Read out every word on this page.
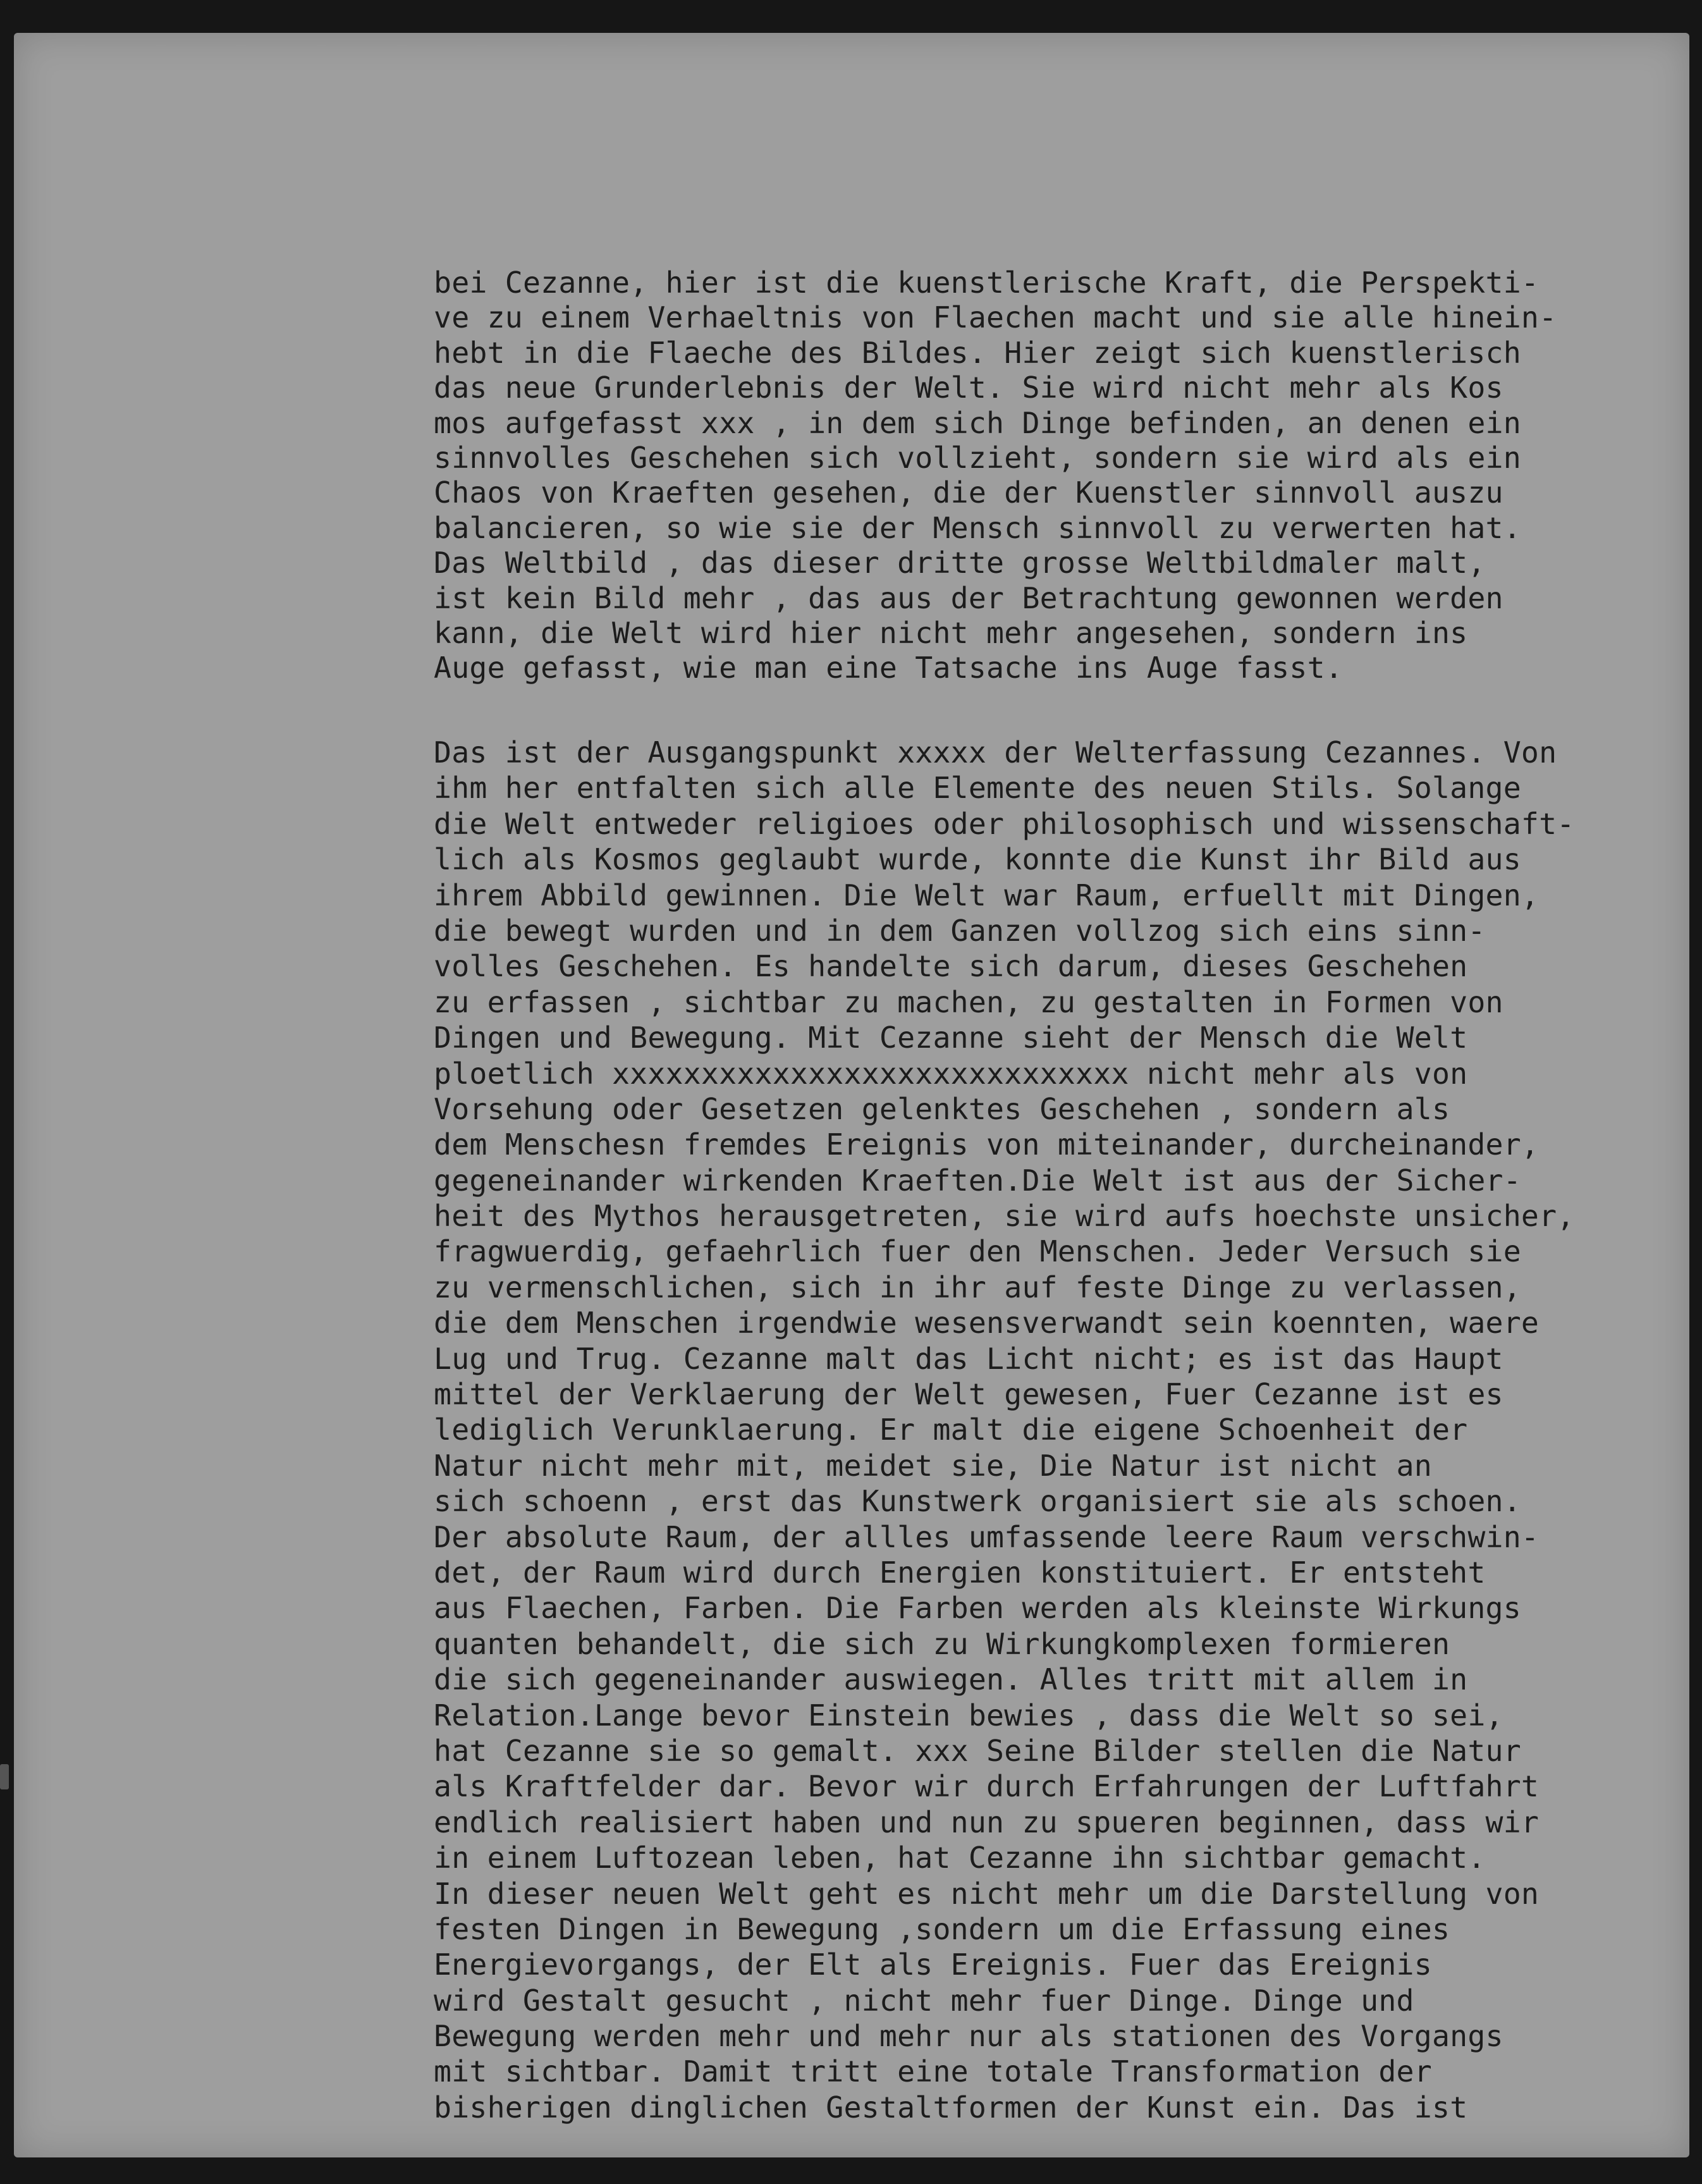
bei Cezanne, hier ist die kuenstlerische Kraft, die Perspekti-
ve zu einem Verhaeltnis von Flaechen macht und sie alle hinein-
hebt in die Flaeche des Bildes. Hier zeigt sich kuenstlerisch
das neue Grunderlebnis der Welt. Sie wird nicht mehr als Kos
mos aufgefasst xxx , in dem sich Dinge befinden, an denen ein
sinnvolles Geschehen sich vollzieht, sondern sie wird als ein
Chaos von Kraeften gesehen, die der Kuenstler sinnvoll auszu
balancieren, so wie sie der Mensch sinnvoll zu verwerten hat.
Das Weltbild , das dieser dritte grosse Weltbildmaler malt,
ist kein Bild mehr , das aus der Betrachtung gewonnen werden
kann, die Welt wird hier nicht mehr angesehen, sondern ins
Auge gefasst, wie man eine Tatsache ins Auge fasst.
Das ist der Ausgangspunkt xxxxx der Welterfassung Cezannes. Von
ihm her entfalten sich alle Elemente des neuen Stils. Solange
die Welt entweder religioes oder philosophisch und wissenschaft-
lich als Kosmos geglaubt wurde, konnte die Kunst ihr Bild aus
ihrem Abbild gewinnen. Die Welt war Raum, erfuellt mit Dingen,
die bewegt wurden und in dem Ganzen vollzog sich eins sinn-
volles Geschehen. Es handelte sich darum, dieses Geschehen
zu erfassen , sichtbar zu machen, zu gestalten in Formen von
Dingen und Bewegung. Mit Cezanne sieht der Mensch die Welt
ploetlich xxxxxxxxxxxxxxxxxxxxxxxxxxxxx nicht mehr als von
Vorsehung oder Gesetzen gelenktes Geschehen , sondern als
dem Menschesn fremdes Ereignis von miteinander, durcheinander,
gegeneinander wirkenden Kraeften.Die Welt ist aus der Sicher-
heit des Mythos herausgetreten, sie wird aufs hoechste unsicher,
fragwuerdig, gefaehrlich fuer den Menschen. Jeder Versuch sie
zu vermenschlichen, sich in ihr auf feste Dinge zu verlassen,
die dem Menschen irgendwie wesensverwandt sein koennten, waere
Lug und Trug. Cezanne malt das Licht nicht; es ist das Haupt
mittel der Verklaerung der Welt gewesen, Fuer Cezanne ist es
lediglich Verunklaerung. Er malt die eigene Schoenheit der
Natur nicht mehr mit, meidet sie, Die Natur ist nicht an
sich schoenn , erst das Kunstwerk organisiert sie als schoen.
Der absolute Raum, der allles umfassende leere Raum verschwin-
det, der Raum wird durch Energien konstituiert. Er entsteht
aus Flaechen, Farben. Die Farben werden als kleinste Wirkungs
quanten behandelt, die sich zu Wirkungkomplexen formieren
die sich gegeneinander auswiegen. Alles tritt mit allem in
Relation.Lange bevor Einstein bewies , dass die Welt so sei,
hat Cezanne sie so gemalt. xxx Seine Bilder stellen die Natur
als Kraftfelder dar. Bevor wir durch Erfahrungen der Luftfahrt
endlich realisiert haben und nun zu spueren beginnen, dass wir
in einem Luftozean leben, hat Cezanne ihn sichtbar gemacht.
In dieser neuen Welt geht es nicht mehr um die Darstellung von
festen Dingen in Bewegung ,sondern um die Erfassung eines
Energievorgangs, der Elt als Ereignis. Fuer das Ereignis
wird Gestalt gesucht , nicht mehr fuer Dinge. Dinge und
Bewegung werden mehr und mehr nur als stationen des Vorgangs
mit sichtbar. Damit tritt eine totale Transformation der
bisherigen dinglichen Gestaltformen der Kunst ein. Das ist
